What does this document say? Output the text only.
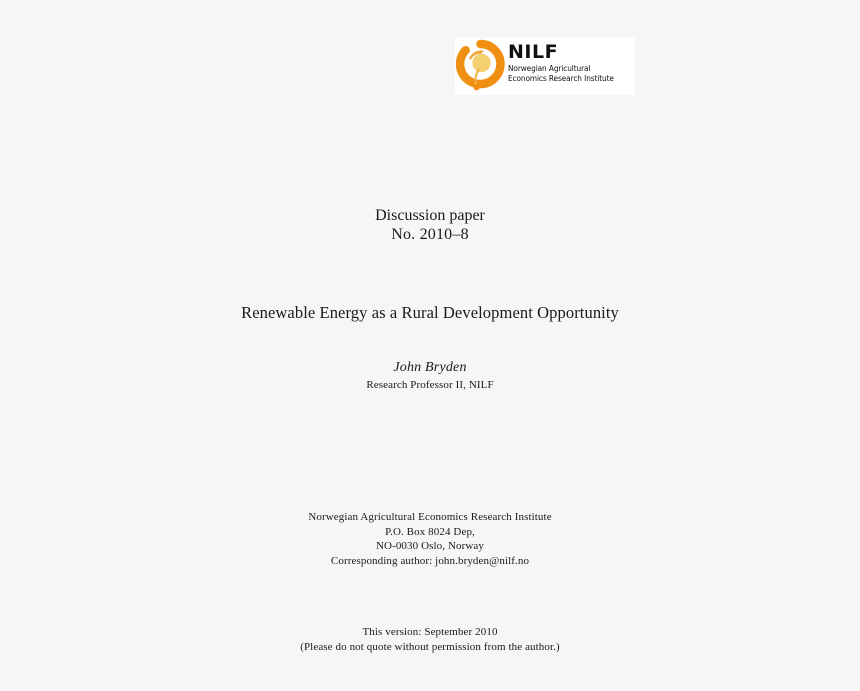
NILF
Norwegian Agricultural
Economics Research Institute
Discussion paper
No. 2010–8
Renewable Energy as a Rural Development Opportunity
John Bryden
Research Professor II, NILF
Norwegian Agricultural Economics Research Institute
P.O. Box 8024 Dep,
NO-0030 Oslo, Norway
Corresponding author: john.bryden@nilf.no
This version: September 2010
(Please do not quote without permission from the author.)
